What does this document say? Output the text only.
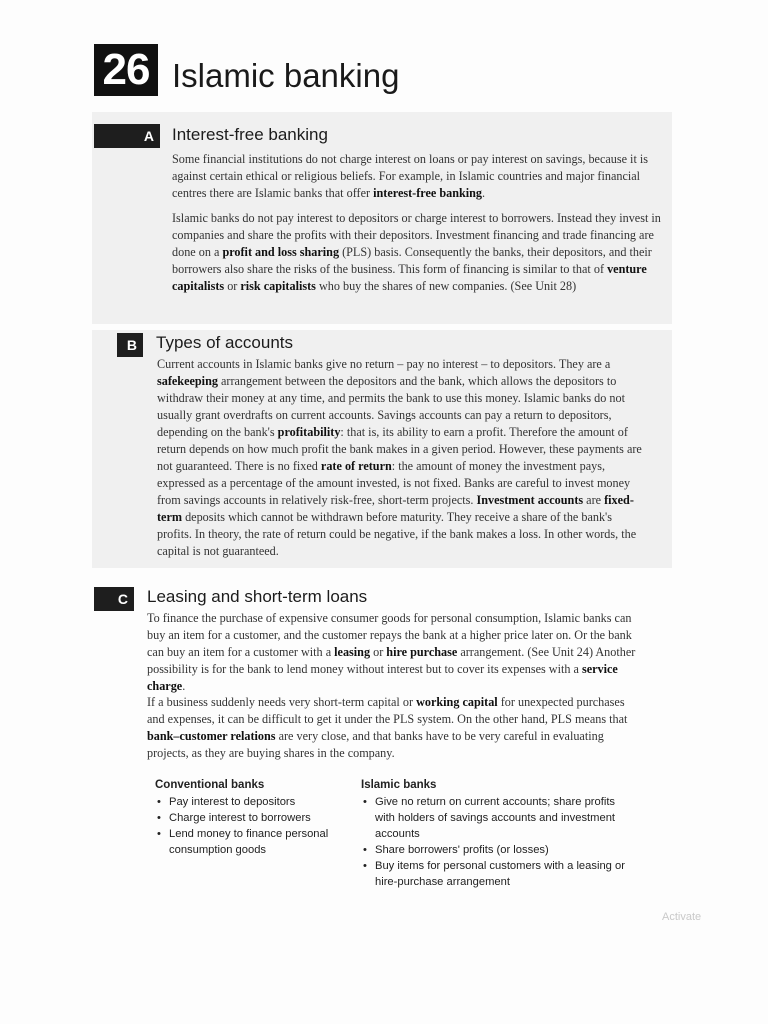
26 Islamic banking
A	Interest-free banking

Some financial institutions do not charge interest on loans or pay interest on savings, because it is against certain ethical or religious beliefs. For example, in Islamic countries and major financial centres there are Islamic banks that offer interest-free banking.

Islamic banks do not pay interest to depositors or charge interest to borrowers. Instead they invest in companies and share the profits with their depositors. Investment financing and trade financing are done on a profit and loss sharing (PLS) basis. Consequently the banks, their depositors, and their borrowers also share the risks of the business. This form of financing is similar to that of venture capitalists or risk capitalists who buy the shares of new companies. (See Unit 28)

B	Types of accounts

Current accounts in Islamic banks give no return – pay no interest – to depositors. They are a safekeeping arrangement between the depositors and the bank, which allows the depositors to withdraw their money at any time, and permits the bank to use this money. Islamic banks do not usually grant overdrafts on current accounts. Savings accounts can pay a return to depositors, depending on the bank's profitability: that is, its ability to earn a profit. Therefore the amount of return depends on how much profit the bank makes in a given period. However, these payments are not guaranteed. There is no fixed rate of return: the amount of money the investment pays, expressed as a percentage of the amount invested, is not fixed. Banks are careful to invest money from savings accounts in relatively risk-free, short-term projects. Investment accounts are fixed-term deposits which cannot be withdrawn before maturity. They receive a share of the bank's profits. In theory, the rate of return could be negative, if the bank makes a loss. In other words, the capital is not guaranteed.

C	Leasing and short-term loans

To finance the purchase of expensive consumer goods for personal consumption, Islamic banks can buy an item for a customer, and the customer repays the bank at a higher price later on. Or the bank can buy an item for a customer with a leasing or hire purchase arrangement. (See Unit 24) Another possibility is for the bank to lend money without interest but to cover its expenses with a service charge.

If a business suddenly needs very short-term capital or working capital for unexpected purchases and expenses, it can be difficult to get it under the PLS system. On the other hand, PLS means that bank–customer relations are very close, and that banks have to be very careful in evaluating projects, as they are buying shares in the company.

Conventional banks
• Pay interest to depositors
• Charge interest to borrowers
• Lend money to finance personal consumption goods
Islamic banks
• Give no return on current accounts; share profits with holders of savings accounts and investment accounts
• Share borrowers' profits (or losses)
• Buy items for personal customers with a leasing or hire-purchase arrangement
Activate
